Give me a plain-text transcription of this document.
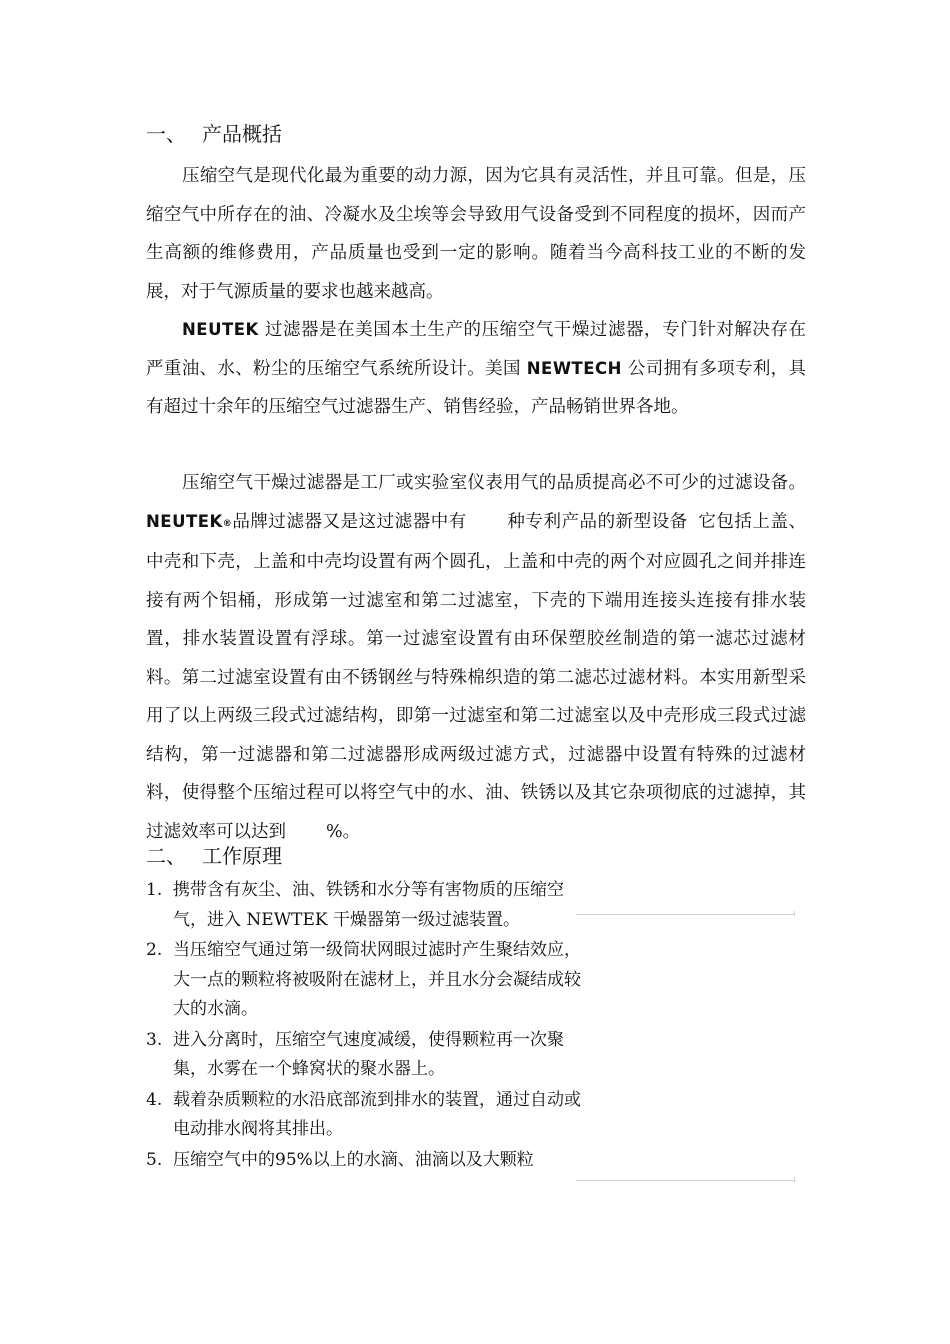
一、 产品概括
压缩空气是现代化最为重要的动力源，因为它具有灵活性，并且可靠。但是，压缩空气中所存在的油、冷凝水及尘埃等会导致用气设备受到不同程度的损坏，因而产生高额的维修费用，产品质量也受到一定的影响。随着当今高科技工业的不断的发展，对于气源质量的要求也越来越高。
NEUTEK 过滤器是在美国本土生产的压缩空气干燥过滤器，专门针对解决存在严重油、水、粉尘的压缩空气系统所设计。美国 NEWTECH 公司拥有多项专利，具有超过十余年的压缩空气过滤器生产、销售经验，产品畅销世界各地。
压缩空气干燥过滤器是工厂或实验室仪表用气的品质提高必不可少的过滤设备。NEUTEK®品牌过滤器又是这过滤器中有 种专利产品的新型设备 它包括上盖、中壳和下壳，上盖和中壳均设置有两个圆孔，上盖和中壳的两个对应圆孔之间并排连接有两个铝桶，形成第一过滤室和第二过滤室，下壳的下端用连接头连接有排水装置，排水装置设置有浮球。第一过滤室设置有由环保塑胶丝制造的第一滤芯过滤材料。第二过滤室设置有由不锈钢丝与特殊棉织造的第二滤芯过滤材料。本实用新型采用了以上两级三段式过滤结构，即第一过滤室和第二过滤室以及中壳形成三段式过滤结构，第一过滤器和第二过滤器形成两级过滤方式，过滤器中设置有特殊的过滤材料，使得整个压缩过程可以将空气中的水、油、铁锈以及其它杂项彻底的过滤掉，其过滤效率可以达到 %。
二、 工作原理
1. 携带含有灰尘、油、铁锈和水分等有害物质的压缩空气，进入 NEWTEK 干燥器第一级过滤装置。
2. 当压缩空气通过第一级筒状网眼过滤时产生聚结效应，大一点的颗粒将被吸附在滤材上，并且水分会凝结成较大的水滴。
3. 进入分离时，压缩空气速度减缓，使得颗粒再一次聚集，水雾在一个蜂窝状的聚水器上。
4. 载着杂质颗粒的水沿底部流到排水的装置，通过自动或电动排水阀将其排出。
5. 压缩空气中的95%以上的水滴、油滴以及大颗粒
